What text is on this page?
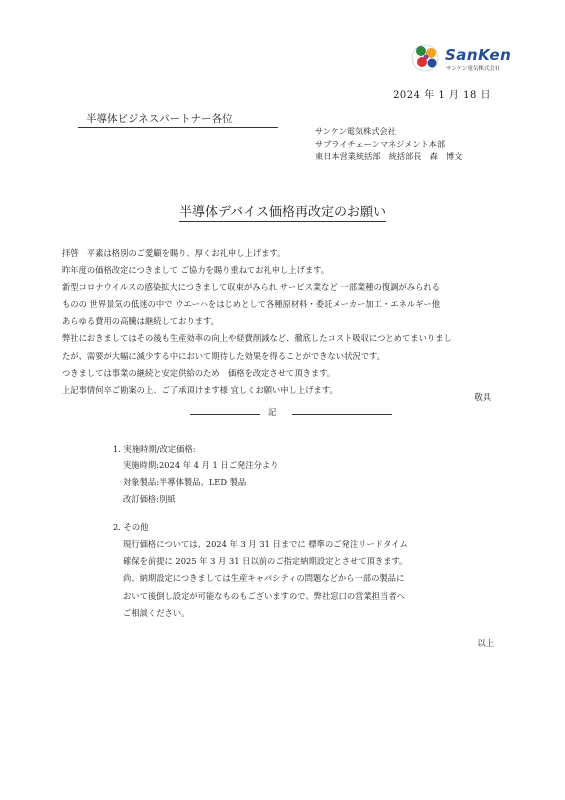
SanKen
サンケン電気株式会社
2024 年 1 月 18 日
半導体ビジネスパートナー各位
サンケン電気株式会社
サプライチェーンマネジメント本部
東日本営業統括部　統括部長　森　博文
半導体デバイス価格再改定のお願い

拝啓　平素は格別のご愛顧を賜り、厚くお礼申し上げます。

昨年度の価格改定につきまして ご協力を賜り重ねてお礼申し上げます。

新型コロナウイルスの感染拡大につきまして収束がみられ サービス業など 一部業種の復調がみられる

ものの 世界景気の低迷の中で ウエーハをはじめとして各種原材料・委託メーカー加工・エネルギー他

あらゆる費用の高騰は継続しております。

弊社におきましてはその後も生産効率の向上や経費削減など、徹底したコスト吸収につとめてまいりまし

たが、需要が大幅に減少する中において期待した効果を得ることができない状況です。

つきましては事業の継続と安定供給のため　価格を改定させて頂きます。

上記事情何卒ご勘案の上、ご了承頂けます様 宜しくお願い申し上げます。

敬具
記
1. 実施時期/改定価格:

実施時期:2024 年 4 月 1 日ご発注分より

対象製品:半導体製品、LED 製品

改訂価格:別紙

2. その他

現行価格については、2024 年 3 月 31 日までに 標準のご発注リードタイム

確保を前提に 2025 年 3 月 31 日以前のご指定納期設定とさせて頂きます。

尚、納期設定につきましては生産キャパシティの問題などから一部の製品に

おいて後倒し設定が可能なものもございますので、弊社窓口の営業担当者へ

ご相談ください。

以上
